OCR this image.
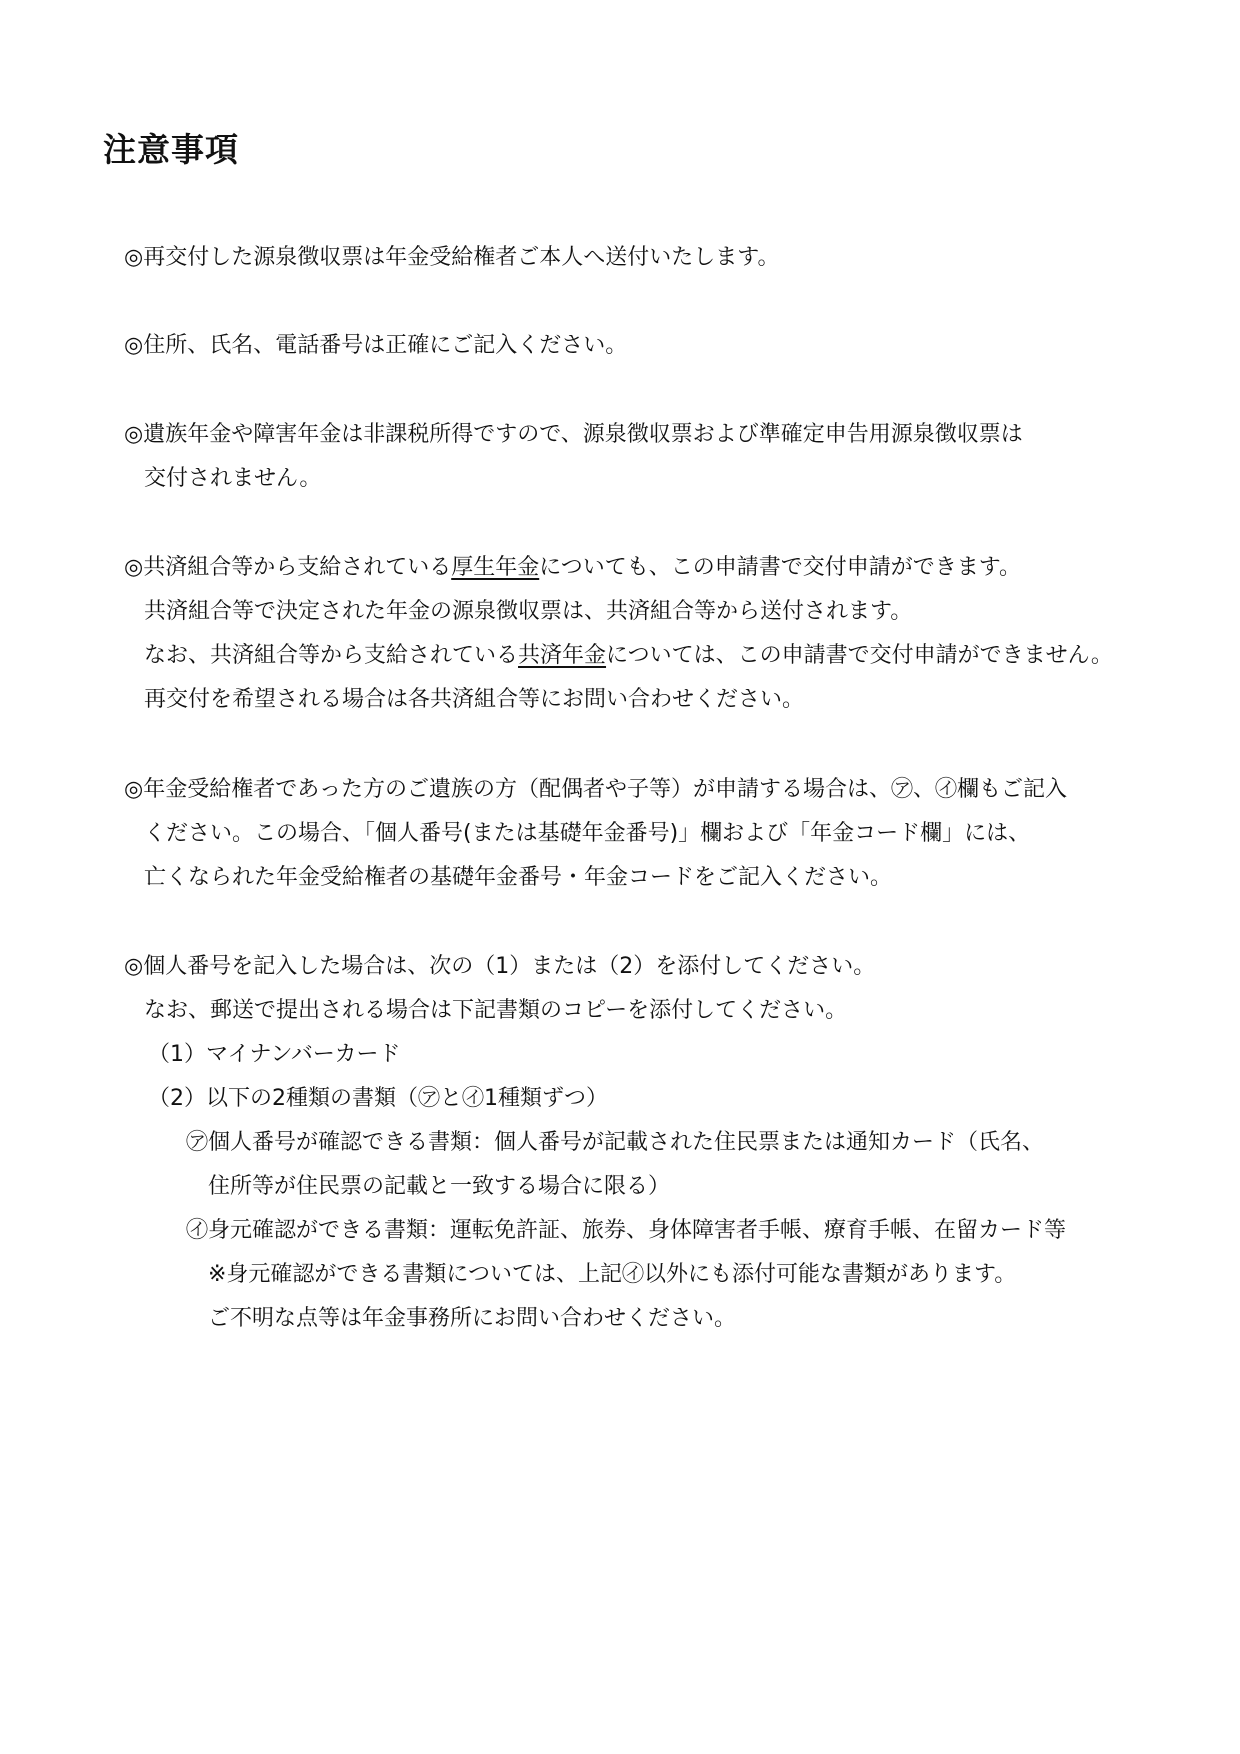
注意事項
◎再交付した源泉徴収票は年金受給権者ご本人へ送付いたします。
◎住所、氏名、電話番号は正確にご記入ください。
◎遺族年金や障害年金は非課税所得ですので、源泉徴収票および準確定申告用源泉徴収票は
交付されません。
◎共済組合等から支給されている厚生年金についても、この申請書で交付申請ができます。
共済組合等で決定された年金の源泉徴収票は、共済組合等から送付されます。
なお、共済組合等から支給されている共済年金については、この申請書で交付申請ができません。
再交付を希望される場合は各共済組合等にお問い合わせください。
◎年金受給権者であった方のご遺族の方（配偶者や子等）が申請する場合は、㋐、㋑欄もご記入
ください。この場合、「個人番号(または基礎年金番号)」欄および「年金コード欄」には、
亡くなられた年金受給権者の基礎年金番号・年金コードをご記入ください。
◎個人番号を記入した場合は、次の（1）または（2）を添付してください。
なお、郵送で提出される場合は下記書類のコピーを添付してください。
（1）マイナンバーカード
（2）以下の2種類の書類（㋐と㋑1種類ずつ）
㋐個人番号が確認できる書類：個人番号が記載された住民票または通知カード（氏名、
住所等が住民票の記載と一致する場合に限る）
㋑身元確認ができる書類：運転免許証、旅券、身体障害者手帳、療育手帳、在留カード等
※身元確認ができる書類については、上記㋑以外にも添付可能な書類があります。
ご不明な点等は年金事務所にお問い合わせください。
